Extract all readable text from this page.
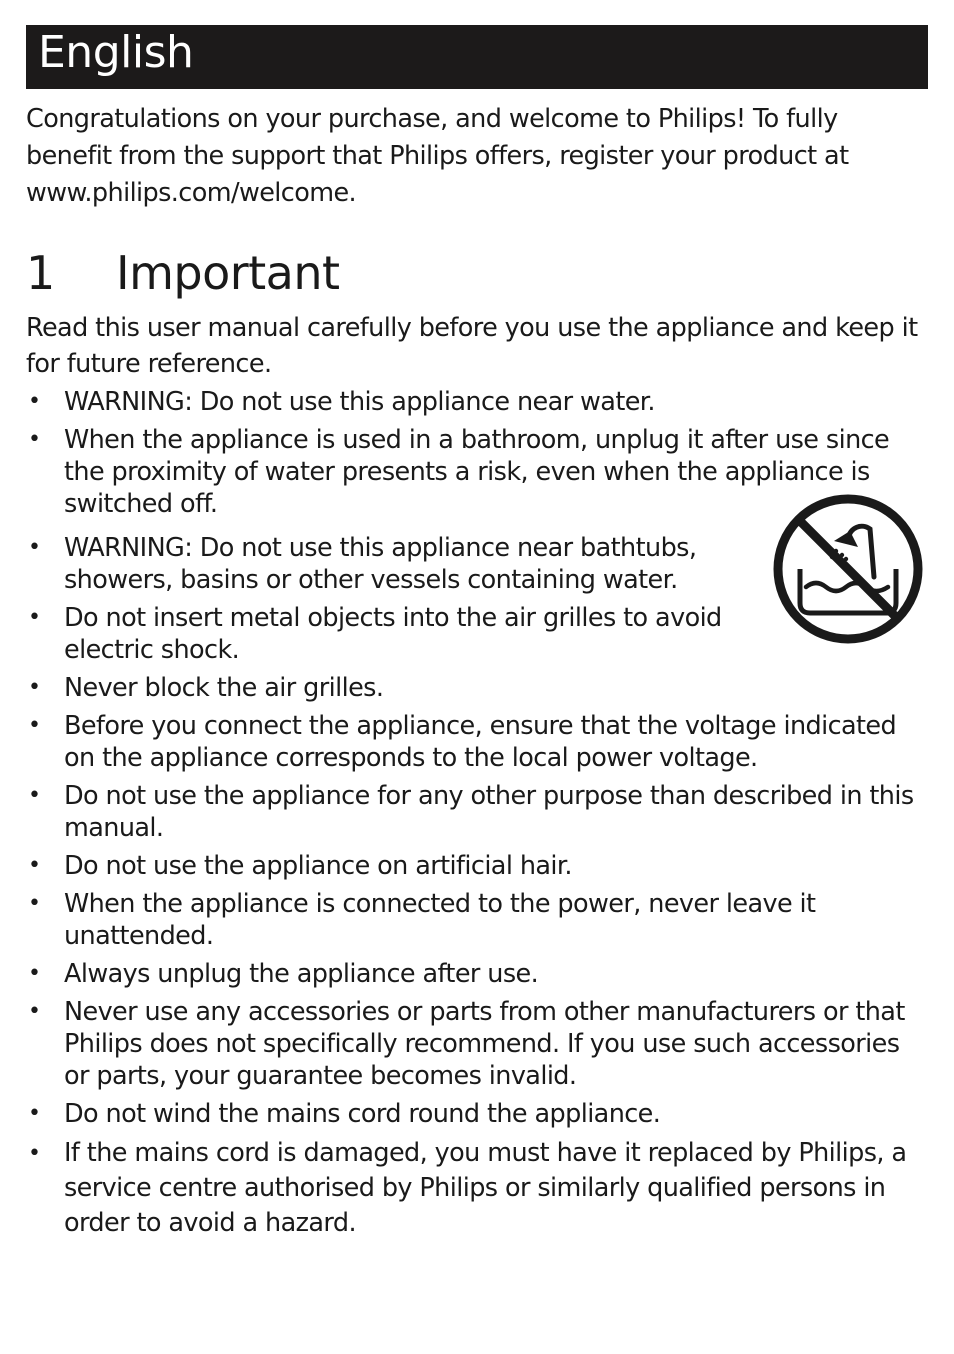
English

Congratulations on your purchase, and welcome to Philips! To fully benefit from the support that Philips offers, register your product at www.philips.com/welcome.

1	Important

Read this user manual carefully before you use the appliance and keep it for future reference.

• WARNING: Do not use this appliance near water.
• When the appliance is used in a bathroom, unplug it after use since the proximity of water presents a risk, even when the appliance is switched off.
• WARNING: Do not use this appliance near bathtubs, showers, basins or other vessels containing water.
• Do not insert metal objects into the air grilles to avoid electric shock.
• Never block the air grilles.
• Before you connect the appliance, ensure that the voltage indicated on the appliance corresponds to the local power voltage.
• Do not use the appliance for any other purpose than described in this manual.
• Do not use the appliance on artificial hair.
• When the appliance is connected to the power, never leave it unattended.
• Always unplug the appliance after use.
• Never use any accessories or parts from other manufacturers or that Philips does not specifically recommend. If you use such accessories or parts, your guarantee becomes invalid.
• Do not wind the mains cord round the appliance.
• If the mains cord is damaged, you must have it replaced by Philips, a service centre authorised by Philips or similarly qualified persons in order to avoid a hazard.
